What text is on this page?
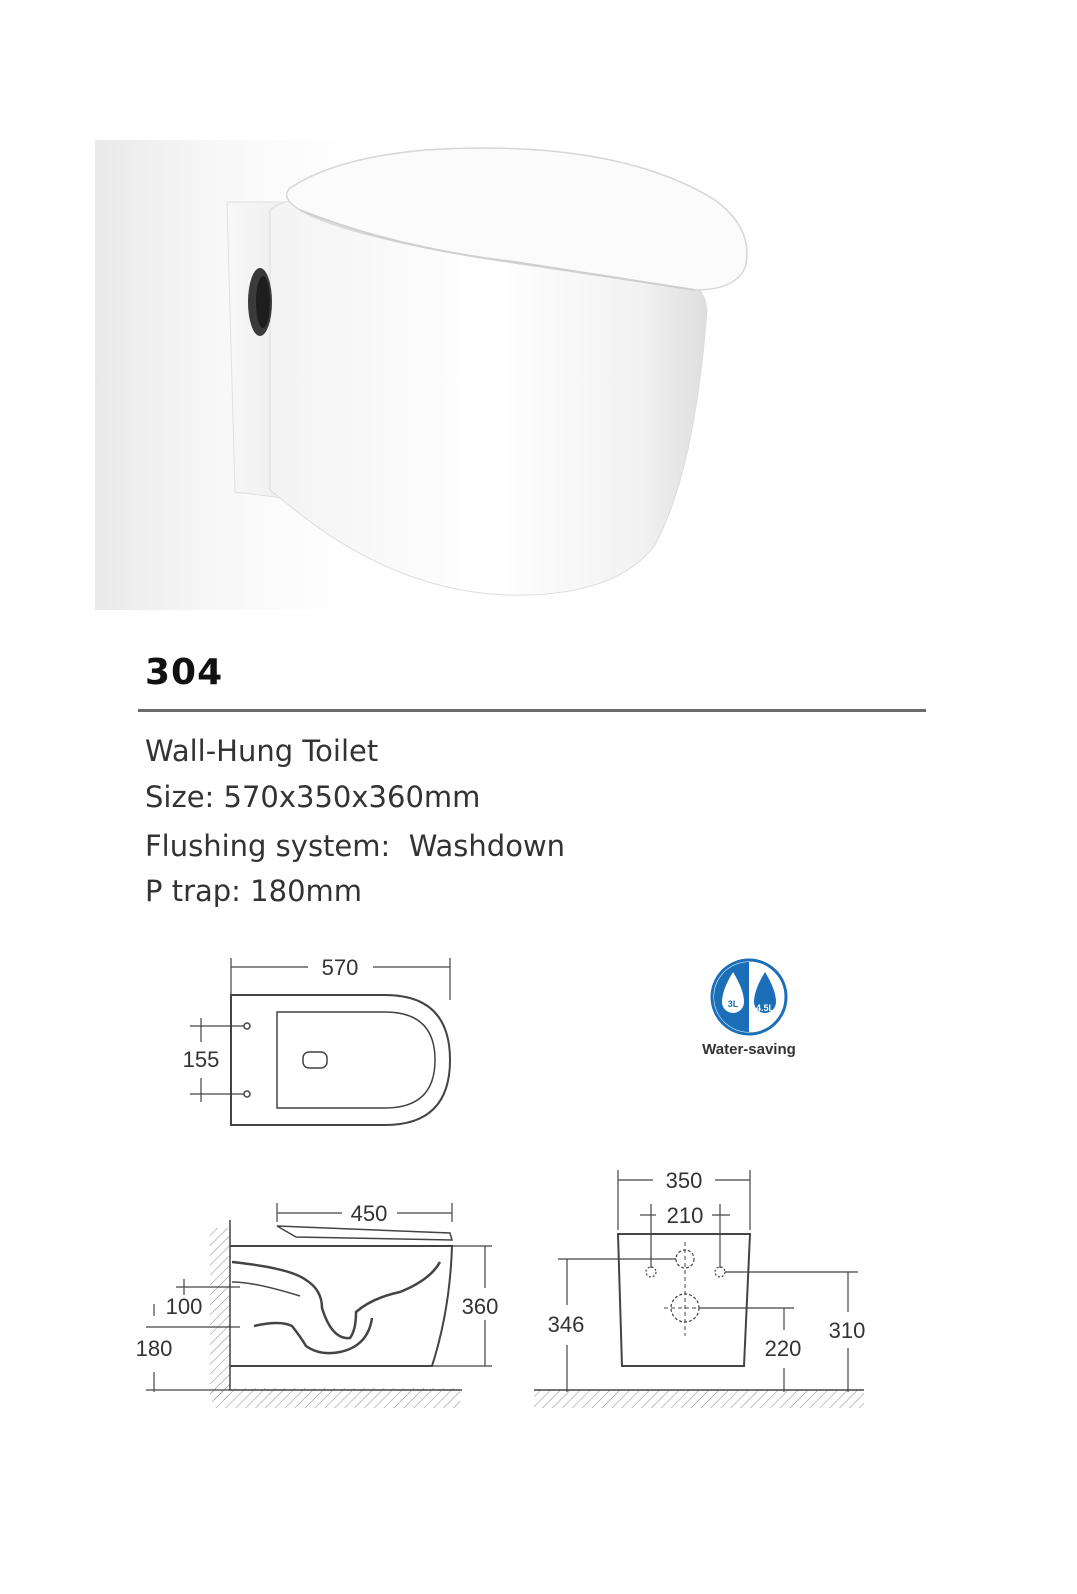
304
Wall-Hung Toilet
Size: 570x350x360mm
Flushing system:  Washdown
P trap: 180mm
570
155
3L 4.5L
Water-saving
450
360
100
180
350
210
346
220
310
